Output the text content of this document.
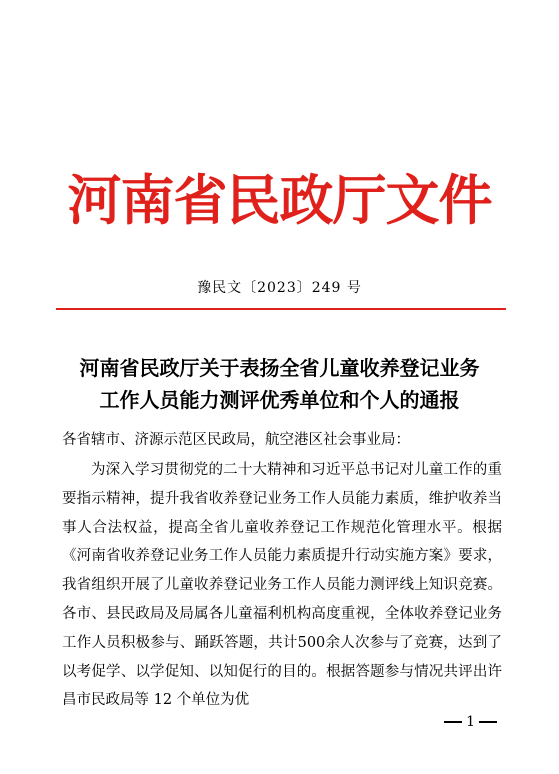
河南省民政厅文件
豫民文〔2023〕249 号
河南省民政厅关于表扬全省儿童收养登记业务
工作人员能力测评优秀单位和个人的通报
各省辖市、济源示范区民政局，航空港区社会事业局：
为深入学习贯彻党的二十大精神和习近平总书记对儿童工作的重要指示精神，提升我省收养登记业务工作人员能力素质，维护收养当事人合法权益，提高全省儿童收养登记工作规范化管理水平。根据《河南省收养登记业务工作人员能力素质提升行动实施方案》要求，我省组织开展了儿童收养登记业务工作人员能力测评线上知识竞赛。各市、县民政局及局属各儿童福利机构高度重视，全体收养登记业务工作人员积极参与、踊跃答题，共计500余人次参与了竞赛，达到了以考促学、以学促知、以知促行的目的。根据答题参与情况共评出许昌市民政局等 12 个单位为优
1
